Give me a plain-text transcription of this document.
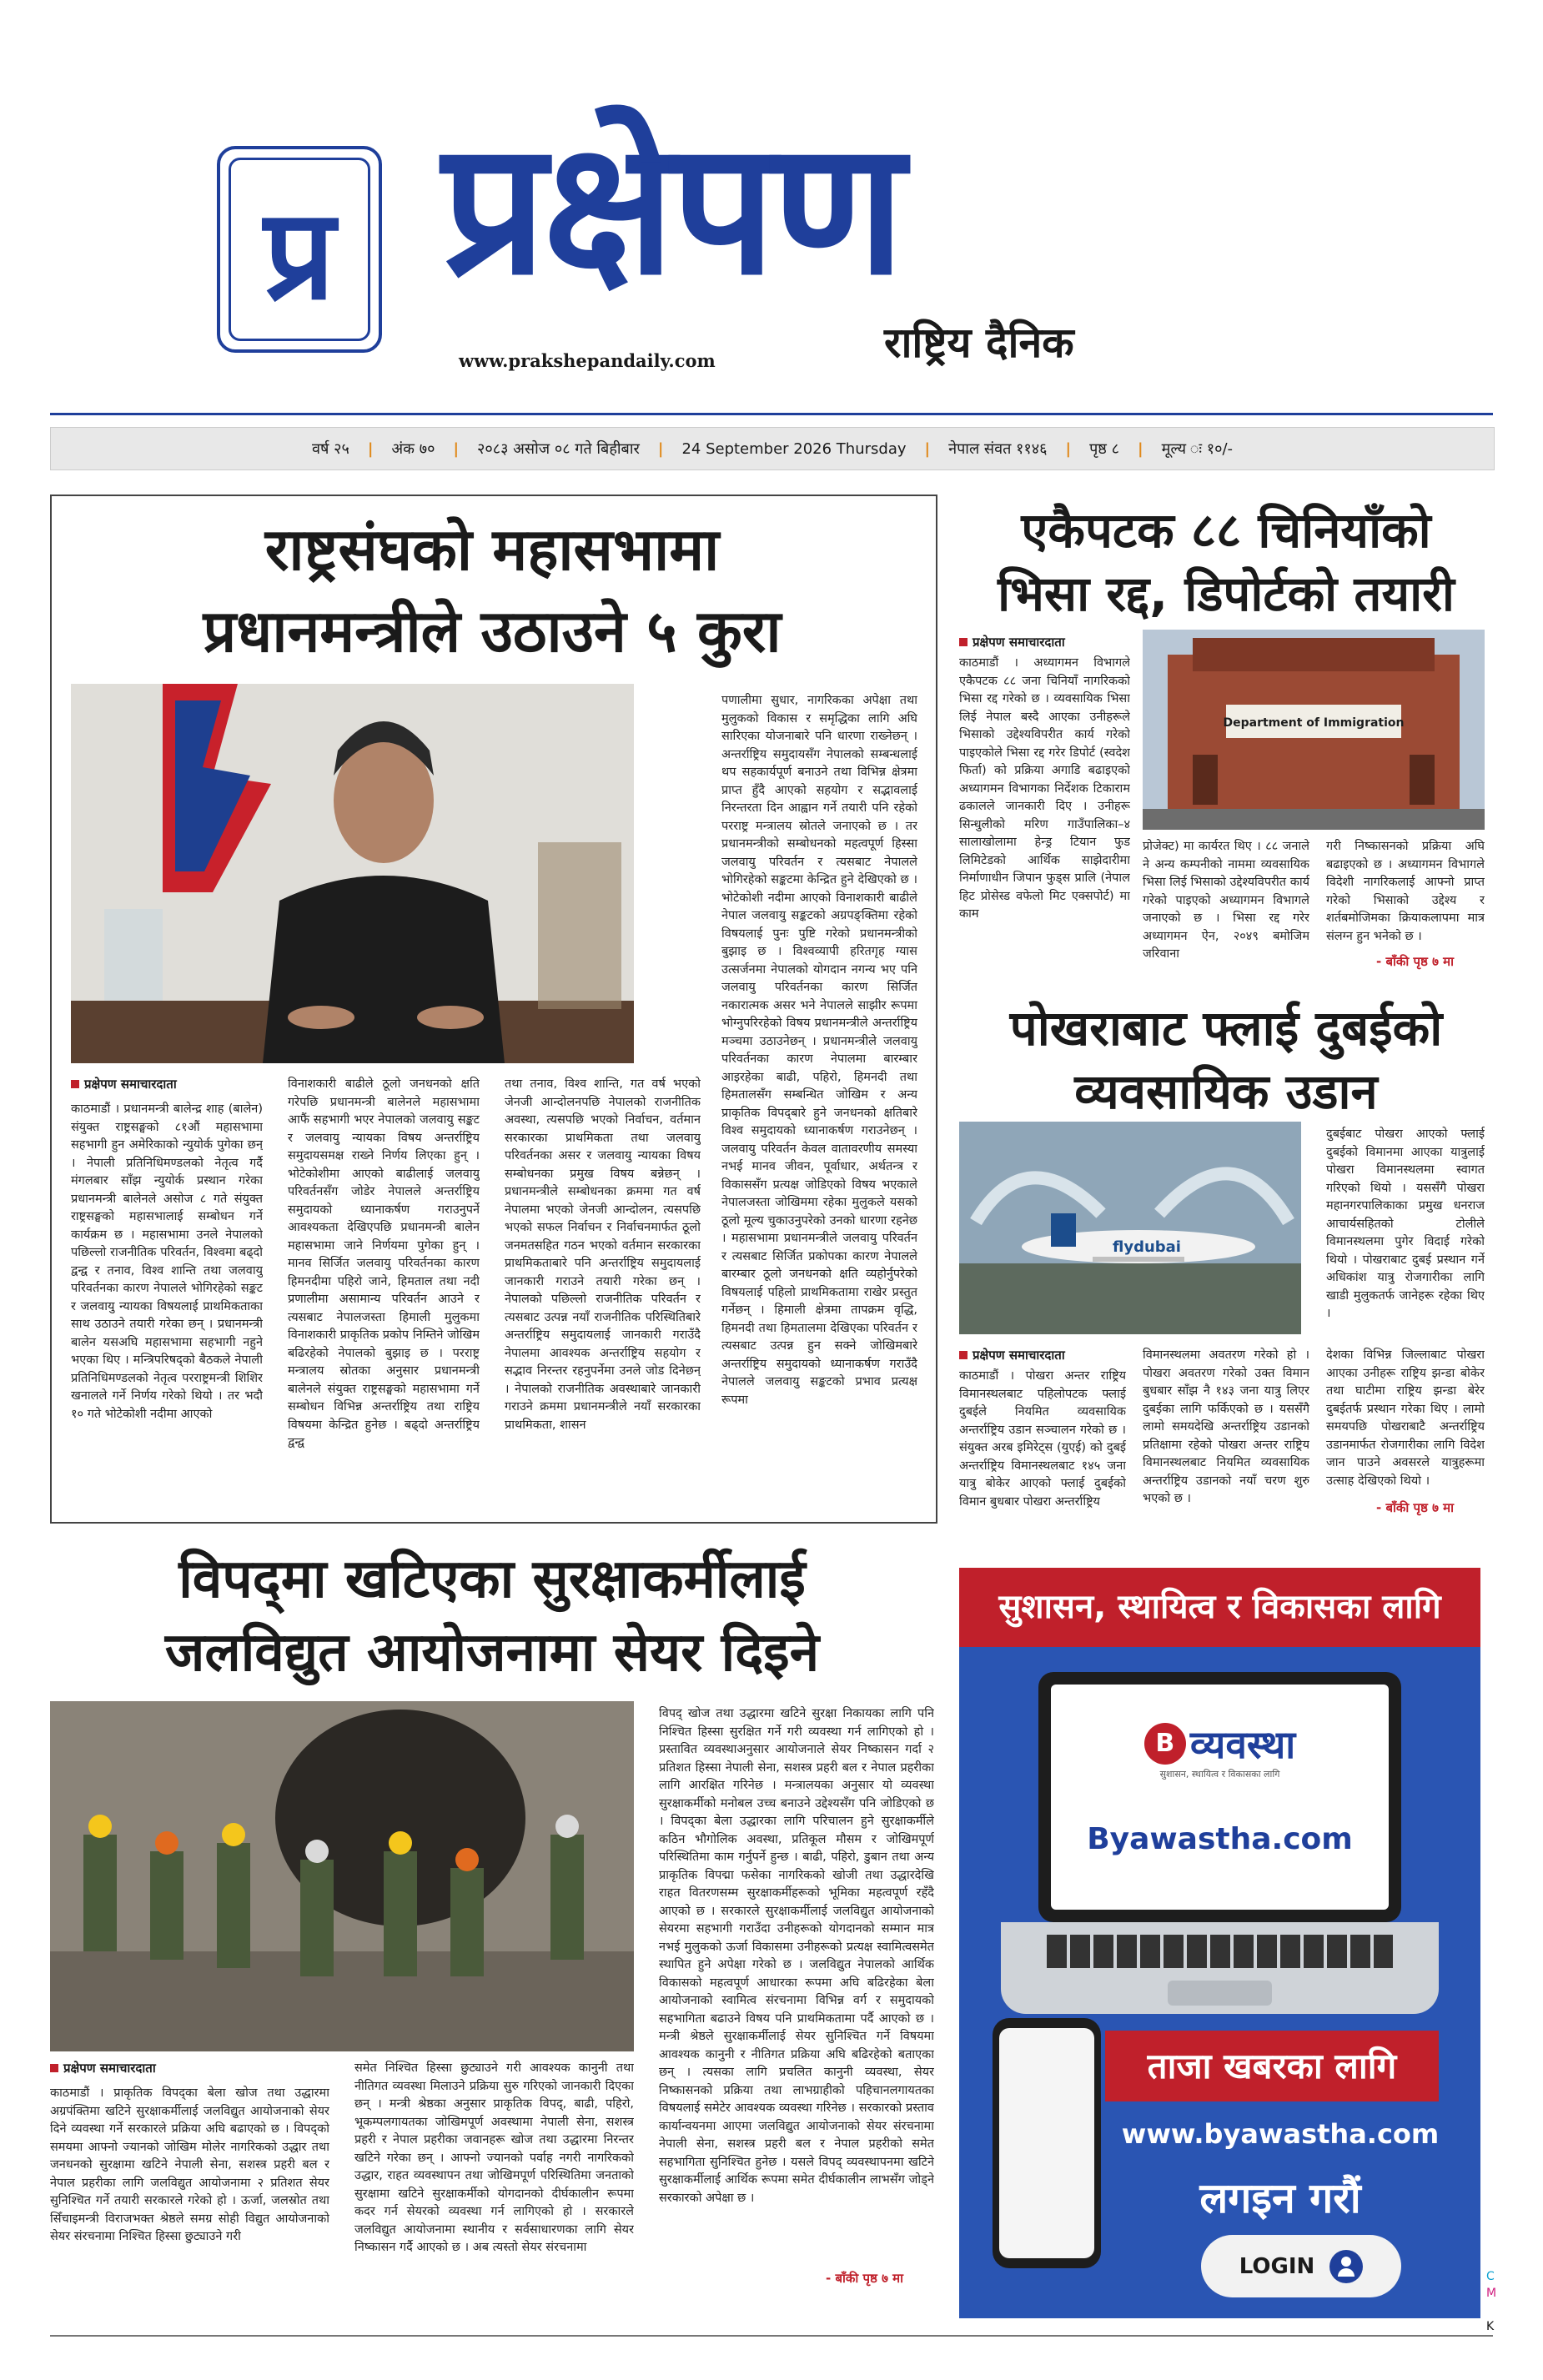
प्र प्रक्षेपण
राष्ट्रिय दैनिक
www.prakshepandaily.com
वर्ष २५ | अंक ७० | २०८३ असोज ०८ गते बिहीबार | 24 September 2026 Thursday | नेपाल संवत ११४६ | पृष्ठ ८ | मूल्य ः १०/-
राष्ट्रसंघको महासभामा
प्रधानमन्त्रीले उठाउने ५ कुरा
प्रक्षेपण समाचारदाता
काठमाडौं । प्रधानमन्त्री बालेन्द्र शाह (बालेन) संयुक्त राष्ट्रसङ्घको ८१औं महासभामा सहभागी हुन अमेरिकाको न्युयोर्क पुगेका छन् । नेपाली प्रतिनिधिमण्डलको नेतृत्व गर्दै मंगलबार साँझ न्युयोर्क प्रस्थान गरेका प्रधानमन्त्री बालेनले असोज ८ गते संयुक्त राष्ट्रसङ्घको महासभालाई सम्बोधन गर्ने कार्यक्रम छ । महासभामा उनले नेपालको पछिल्लो राजनीतिक परिवर्तन, विश्वमा बढ्दो द्वन्द्व र तनाव, विश्व शान्ति तथा जलवायु परिवर्तनका कारण नेपालले भोगिरहेको सङ्कट र जलवायु न्यायका विषयलाई प्राथमिकताका साथ उठाउने तयारी गरेका छन् । प्रधानमन्त्री बालेन यसअघि महासभामा सहभागी नहुने भएका थिए । मन्त्रिपरिषद्को बैठकले नेपाली प्रतिनिधिमण्डलको नेतृत्व परराष्ट्रमन्त्री शिशिर खनालले गर्ने निर्णय गरेको थियो । तर भदौ १० गते भोटेकोशी नदीमा आएको
विनाशकारी बाढीले ठूलो जनधनको क्षति गरेपछि प्रधानमन्त्री बालेनले महासभामा आफैं सहभागी भएर नेपालको जलवायु सङ्कट र जलवायु न्यायका विषय अन्तर्राष्ट्रिय समुदायसमक्ष राख्ने निर्णय लिएका हुन् । भोटेकोशीमा आएको बाढीलाई जलवायु परिवर्तनसँग जोडेर नेपालले अन्तर्राष्ट्रिय समुदायको ध्यानाकर्षण गराउनुपर्ने आवश्यकता देखिएपछि प्रधानमन्त्री बालेन महासभामा जाने निर्णयमा पुगेका हुन् । मानव सिर्जित जलवायु परिवर्तनका कारण हिमनदीमा पहिरो जाने, हिमताल तथा नदी प्रणालीमा असामान्य परिवर्तन आउने र त्यसबाट नेपालजस्ता हिमाली मुलुकमा विनाशकारी प्राकृतिक प्रकोप निम्तिने जोखिम बढिरहेको नेपालको बुझाइ छ । परराष्ट्र मन्त्रालय स्रोतका अनुसार प्रधानमन्त्री बालेनले संयुक्त राष्ट्रसङ्घको महासभामा गर्ने सम्बोधन विभिन्न अन्तर्राष्ट्रिय तथा राष्ट्रिय विषयमा केन्द्रित हुनेछ । बढ्दो अन्तर्राष्ट्रिय द्वन्द्व
तथा तनाव, विश्व शान्ति, गत वर्ष भएको जेनजी आन्दोलनपछि नेपालको राजनीतिक अवस्था, त्यसपछि भएको निर्वाचन, वर्तमान सरकारका प्राथमिकता तथा जलवायु परिवर्तनका असर र जलवायु न्यायका विषय सम्बोधनका प्रमुख विषय बन्नेछन् । प्रधानमन्त्रीले सम्बोधनका क्रममा गत वर्ष नेपालमा भएको जेनजी आन्दोलन, त्यसपछि भएको सफल निर्वाचन र निर्वाचनमार्फत ठूलो जनमतसहित गठन भएको वर्तमान सरकारका प्राथमिकताबारे पनि अन्तर्राष्ट्रिय समुदायलाई जानकारी गराउने तयारी गरेका छन् । नेपालको पछिल्लो राजनीतिक परिवर्तन र त्यसबाट उत्पन्न नयाँ राजनीतिक परिस्थितिबारे अन्तर्राष्ट्रिय समुदायलाई जानकारी गराउँदै नेपालमा आवश्यक अन्तर्राष्ट्रिय सहयोग र सद्भाव निरन्तर रहनुपर्नेमा उनले जोड दिनेछन् । नेपालको राजनीतिक अवस्थाबारे जानकारी गराउने क्रममा प्रधानमन्त्रीले नयाँ सरकारका प्राथमिकता, शासन
पणालीमा सुधार, नागरिकका अपेक्षा तथा मुलुकको विकास र समृद्धिका लागि अघि सारिएका योजनाबारे पनि धारणा राख्नेछन् । अन्तर्राष्ट्रिय समुदायसँग नेपालको सम्बन्धलाई थप सहकार्यपूर्ण बनाउने तथा विभिन्न क्षेत्रमा प्राप्त हुँदै आएको सहयोग र सद्भावलाई निरन्तरता दिन आह्वान गर्ने तयारी पनि रहेको परराष्ट्र मन्त्रालय स्रोतले जनाएको छ । तर प्रधानमन्त्रीको सम्बोधनको महत्वपूर्ण हिस्सा जलवायु परिवर्तन र त्यसबाट नेपालले भोगिरहेको सङ्कटमा केन्द्रित हुने देखिएको छ । भोटेकोशी नदीमा आएको विनाशकारी बाढीले नेपाल जलवायु सङ्कटको अग्रपङ्क्तिमा रहेको विषयलाई पुनः पुष्टि गरेको प्रधानमन्त्रीको बुझाइ छ । विश्वव्यापी हरितगृह ग्यास उत्सर्जनमा नेपालको योगदान नगन्य भए पनि जलवायु परिवर्तनका कारण सिर्जित नकारात्मक असर भने नेपालले साझीर रूपमा भोग्नुपरिरहेको विषय प्रधानमन्त्रीले अन्तर्राष्ट्रिय मञ्चमा उठाउनेछन् । प्रधानमन्त्रीले जलवायु परिवर्तनका कारण नेपालमा बारम्बार आइरहेका बाढी, पहिरो, हिमनदी तथा हिमतालसँग सम्बन्धित जोखिम र अन्य प्राकृतिक विपद्‌बारे हुने जनधनको क्षतिबारे विश्व समुदायको ध्यानाकर्षण गराउनेछन् । जलवायु परिवर्तन केवल वातावरणीय समस्या नभई मानव जीवन, पूर्वाधार, अर्थतन्त्र र विकाससँग प्रत्यक्ष जोडिएको विषय भएकाले नेपालजस्ता जोखिममा रहेका मुलुकले यसको ठूलो मूल्य चुकाउनुपरेको उनको धारणा रहनेछ । महासभामा प्रधानमन्त्रीले जलवायु परिवर्तन र त्यसबाट सिर्जित प्रकोपका कारण नेपालले बारम्बार ठूलो जनधनको क्षति व्यहोर्नुपरेको विषयलाई पहिलो प्राथमिकतामा राखेर प्रस्तुत गर्नेछन् । हिमाली क्षेत्रमा तापक्रम वृद्धि, हिमनदी तथा हिमतालमा देखिएका परिवर्तन र त्यसबाट उत्पन्न हुन सक्ने जोखिमबारे अन्तर्राष्ट्रिय समुदायको ध्यानाकर्षण गराउँदै नेपालले जलवायु सङ्कटको प्रभाव प्रत्यक्ष रूपमा
एकैपटक ८८ चिनियाँको
भिसा रद्द, डिपोर्टको तयारी
प्रक्षेपण समाचारदाता
काठमाडौं । अध्यागमन विभागले एकैपटक ८८ जना चिनियाँ नागरिकको भिसा रद्द गरेको छ । व्यवसायिक भिसा लिई नेपाल बस्दै आएका उनीहरूले भिसाको उद्देश्यविपरीत कार्य गरेको पाइएकोले भिसा रद्द गरेर डिपोर्ट (स्वदेश फिर्ता) को प्रक्रिया अगाडि बढाइएको अध्यागमन विभागका निर्देशक टिकाराम ढकालले जानकारी दिए । उनीहरू सिन्धुलीको मरिण गाउँपालिका–४ सालाखोलामा हेन्ड्र टियान फुड लिमिटेडको आर्थिक साझेदारीमा निर्माणाधीन जिपान फुड्स प्रालि (नेपाल हिट प्रोसेस्ड वफेलो मिट एक्सपोर्ट) मा काम
Department of Immigration
प्रोजेक्ट) मा कार्यरत थिए । ८८ जनाले ने अन्य कम्पनीको नाममा व्यवसायिक भिसा लिई भिसाको उद्देश्यविपरीत कार्य गरेको पाइएको अध्यागमन विभागले जनाएको छ । भिसा रद्द गरेर अध्यागमन ऐन, २०४९ बमोजिम जरिवाना
गरी निष्कासनको प्रक्रिया अघि बढाइएको छ । अध्यागमन विभागले विदेशी नागरिकलाई आफ्नो प्राप्त गरेको भिसाको उद्देश्य र शर्तबमोजिमका क्रियाकलापमा मात्र संलग्न हुन भनेको छ ।
- बाँकी पृष्ठ ७ मा
पोखराबाट फ्लाई दुबईको
व्यवसायिक उडान
flydubai
दुबईबाट पोखरा आएको फ्लाई दुबईको विमानमा आएका यात्रुलाई पोखरा विमानस्थलमा स्वागत गरिएको थियो । यससँगै पोखरा महानगरपालिकाका प्रमुख धनराज आचार्यसहितको टोलीले विमानस्थलमा पुगेर विदाई गरेको थियो । पोखराबाट दुबई प्रस्थान गर्ने अधिकांश यात्रु रोजगारीका लागि खाडी मुलुकतर्फ जानेहरू रहेका थिए ।
प्रक्षेपण समाचारदाता
काठमाडौं । पोखरा अन्तर राष्ट्रिय विमानस्थलबाट पहिलोपटक फ्लाई दुबईले नियमित व्यवसायिक अन्तर्राष्ट्रिय उडान सञ्चालन गरेको छ । संयुक्त अरब इमिरेट्स (युएई) को दुबई अन्तर्राष्ट्रिय विमानस्थलबाट १४५ जना यात्रु बोकेर आएको फ्लाई दुबईको विमान बुधबार पोखरा अन्तर्राष्ट्रिय
विमानस्थलमा अवतरण गरेको हो । पोखरा अवतरण गरेको उक्त विमान बुधबार साँझ नै १४३ जना यात्रु लिएर दुबईका लागि फर्किएको छ । यससँगै लामो समयदेखि अन्तर्राष्ट्रिय उडानको प्रतिक्षामा रहेको पोखरा अन्तर राष्ट्रिय विमानस्थलबाट नियमित व्यवसायिक अन्तर्राष्ट्रिय उडानको नयाँ चरण शुरु भएको छ ।
देशका विभिन्न जिल्लाबाट पोखरा आएका उनीहरू राष्ट्रिय झन्डा बोकेर तथा घाटीमा राष्ट्रिय झन्डा बेरेर दुबईतर्फ प्रस्थान गरेका थिए । लामो समयपछि पोखराबाटै अन्तर्राष्ट्रिय उडानमार्फत रोजगारीका लागि विदेश जान पाउने अवसरले यात्रुहरूमा उत्साह देखिएको थियो ।
- बाँकी पृष्ठ ७ मा
विपद्‌मा खटिएका सुरक्षाकर्मीलाई
जलविद्युत आयोजनामा सेयर दिइने
विपद् खोज तथा उद्धारमा खटिने सुरक्षा निकायका लागि पनि निश्चित हिस्सा सुरक्षित गर्ने गरी व्यवस्था गर्न लागिएको हो । प्रस्तावित व्यवस्थाअनुसार आयोजनाले सेयर निष्कासन गर्दा २ प्रतिशत हिस्सा नेपाली सेना, सशस्त्र प्रहरी बल र नेपाल प्रहरीका लागि आरक्षित गरिनेछ । मन्त्रालयका अनुसार यो व्यवस्था सुरक्षाकर्मीको मनोबल उच्च बनाउने उद्देश्यसँग पनि जोडिएको छ । विपद्‌का बेला उद्धारका लागि परिचालन हुने सुरक्षाकर्मीले कठिन भौगोलिक अवस्था, प्रतिकूल मौसम र जोखिमपूर्ण परिस्थितिमा काम गर्नुपर्ने हुन्छ । बाढी, पहिरो, डुबान तथा अन्य प्राकृतिक विपद्मा फसेका नागरिकको खोजी तथा उद्धारदेखि राहत वितरणसम्म सुरक्षाकर्मीहरूको भूमिका महत्वपूर्ण रहँदै आएको छ । सरकारले सुरक्षाकर्मीलाई जलविद्युत आयोजनाको सेयरमा सहभागी गराउँदा उनीहरूको योगदानको सम्मान मात्र नभई मुलुकको ऊर्जा विकासमा उनीहरूको प्रत्यक्ष स्वामित्वसमेत स्थापित हुने अपेक्षा गरेको छ । जलविद्युत नेपालको आर्थिक विकासको महत्वपूर्ण आधारका रूपमा अघि बढिरहेका बेला आयोजनाको स्वामित्व संरचनामा विभिन्न वर्ग र समुदायको सहभागिता बढाउने विषय पनि प्राथमिकतामा पर्दै आएको छ । मन्त्री श्रेष्ठले सुरक्षाकर्मीलाई सेयर सुनिश्चित गर्ने विषयमा आवश्यक कानुनी र नीतिगत प्रक्रिया अघि बढिरहेको बताएका छन् । त्यसका लागि प्रचलित कानुनी व्यवस्था, सेयर निष्कासनको प्रक्रिया तथा लाभग्राहीको पहिचानलगायतका विषयलाई समेटेर आवश्यक व्यवस्था गरिनेछ । सरकारको प्रस्ताव कार्यान्वयनमा आएमा जलविद्युत आयोजनाको सेयर संरचनामा नेपाली सेना, सशस्त्र प्रहरी बल र नेपाल प्रहरीको समेत सहभागिता सुनिश्चित हुनेछ । यसले विपद् व्यवस्थापनमा खटिने सुरक्षाकर्मीलाई आर्थिक रूपमा समेत दीर्घकालीन लाभसँग जोड्ने सरकारको अपेक्षा छ ।
प्रक्षेपण समाचारदाता
काठमाडौं । प्राकृतिक विपद्का बेला खोज तथा उद्धारमा अग्रपंक्तिमा खटिने सुरक्षाकर्मीलाई जलविद्युत आयोजनाको सेयर दिने व्यवस्था गर्ने सरकारले प्रक्रिया अघि बढाएको छ । विपद्को समयमा आफ्नो ज्यानको जोखिम मोलेर नागरिकको उद्धार तथा जनधनको सुरक्षामा खटिने नेपाली सेना, सशस्त्र प्रहरी बल र नेपाल प्रहरीका लागि जलविद्युत आयोजनामा २ प्रतिशत सेयर सुनिश्चित गर्ने तयारी सरकारले गरेको हो । ऊर्जा, जलस्रोत तथा सिँचाइमन्त्री विराजभक्त श्रेष्ठले समग्र सोही विद्युत आयोजनाको सेयर संरचनामा निश्चित हिस्सा छुट्याउने गरी
समेत निश्चित हिस्सा छुट्याउने गरी आवश्यक कानुनी तथा नीतिगत व्यवस्था मिलाउने प्रक्रिया सुरु गरिएको जानकारी दिएका छन् । मन्त्री श्रेष्ठका अनुसार प्राकृतिक विपद्, बाढी, पहिरो, भूकम्पलगायतका जोखिमपूर्ण अवस्थामा नेपाली सेना, सशस्त्र प्रहरी र नेपाल प्रहरीका जवानहरू खोज तथा उद्धारमा निरन्तर खटिने गरेका छन् । आफ्नो ज्यानको पर्वाह नगरी नागरिकको उद्धार, राहत व्यवस्थापन तथा जोखिमपूर्ण परिस्थितिमा जनताको सुरक्षामा खटिने सुरक्षाकर्मीको योगदानको दीर्घकालीन रूपमा कदर गर्न सेयरको व्यवस्था गर्न लागिएको हो । सरकारले जलविद्युत आयोजनामा स्थानीय र सर्वसाधारणका लागि सेयर निष्कासन गर्दै आएको छ । अब त्यस्तो सेयर संरचनामा
- बाँकी पृष्ठ ७ मा
सुशासन, स्थायित्व र विकासका लागि
B व्यवस्था
सुशासन, स्थायित्व र विकासका लागि
Byawastha.com
ताजा खबरका लागि
www.byawastha.com
लगइन गरौं
LOGIN	C
M
K
